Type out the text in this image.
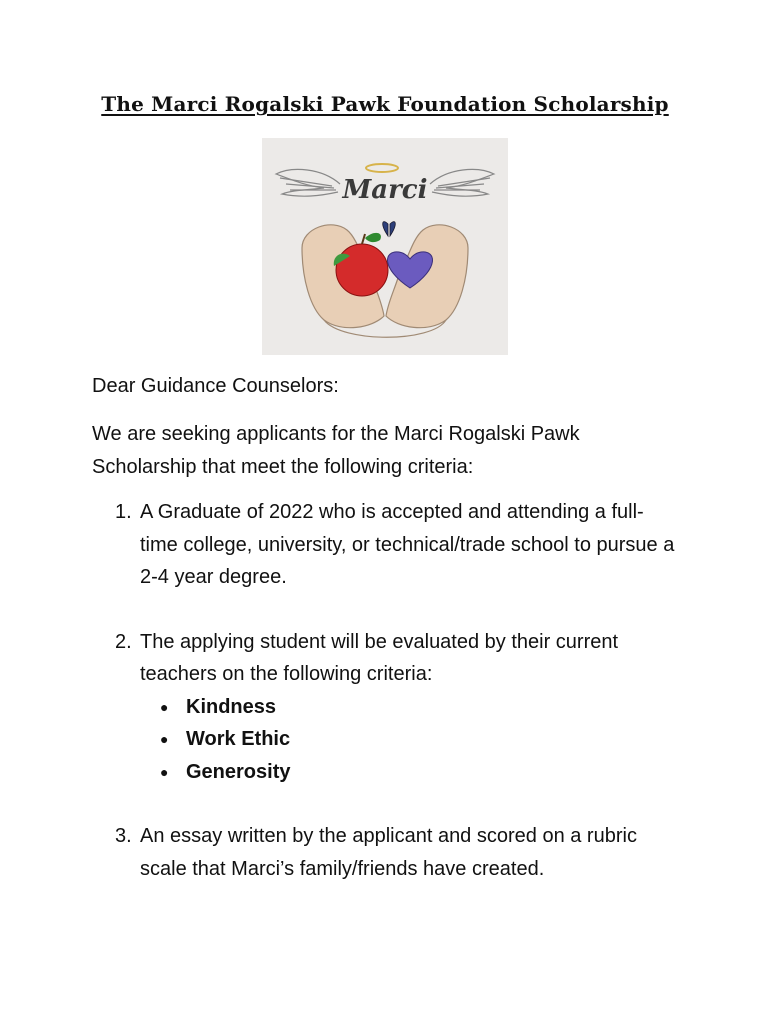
The Marci Rogalski Pawk Foundation Scholarship
Marci
Dear Guidance Counselors:
We are seeking applicants for the Marci Rogalski Pawk Scholarship that meet the following criteria:
1. A Graduate of 2022 who is accepted and attending a full-time college, university, or technical/trade school to pursue a 2-4 year degree.
2. The applying student will be evaluated by their current teachers on the following criteria:
● Kindness
● Work Ethic
● Generosity
3. An essay written by the applicant and scored on a rubric scale that Marci’s family/friends have created.
